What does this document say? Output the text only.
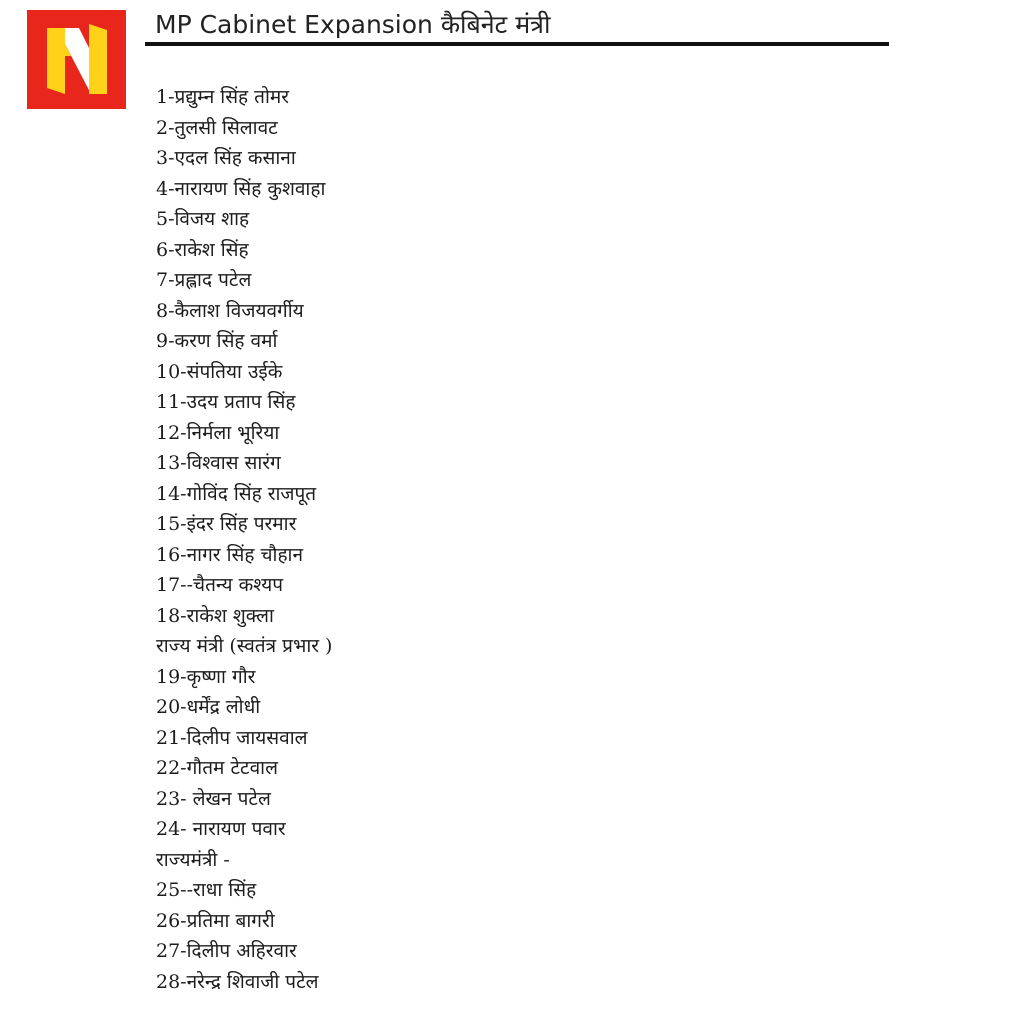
MP Cabinet Expansion कैबिनेट मंत्री
1-प्रद्युम्न सिंह तोमर
2-तुलसी सिलावट
3-एदल सिंह कसाना
4-नारायण सिंह कुशवाहा
5-विजय शाह
6-राकेश सिंह
7-प्रह्लाद पटेल
8-कैलाश विजयवर्गीय
9-करण सिंह वर्मा
10-संपतिया उईके
11-उदय प्रताप सिंह
12-निर्मला भूरिया
13-विश्वास सारंग
14-गोविंद सिंह राजपूत
15-इंदर सिंह परमार
16-नागर सिंह चौहान
17--चैतन्य कश्यप
18-राकेश शुक्ला
राज्य मंत्री (स्वतंत्र प्रभार )
19-कृष्णा गौर
20-धर्मेंद्र लोधी
21-दिलीप जायसवाल
22-गौतम टेटवाल
23- लेखन पटेल
24- नारायण पवार
राज्यमंत्री -
25--राधा सिंह
26-प्रतिमा बागरी
27-दिलीप अहिरवार
28-नरेन्द्र शिवाजी पटेल
